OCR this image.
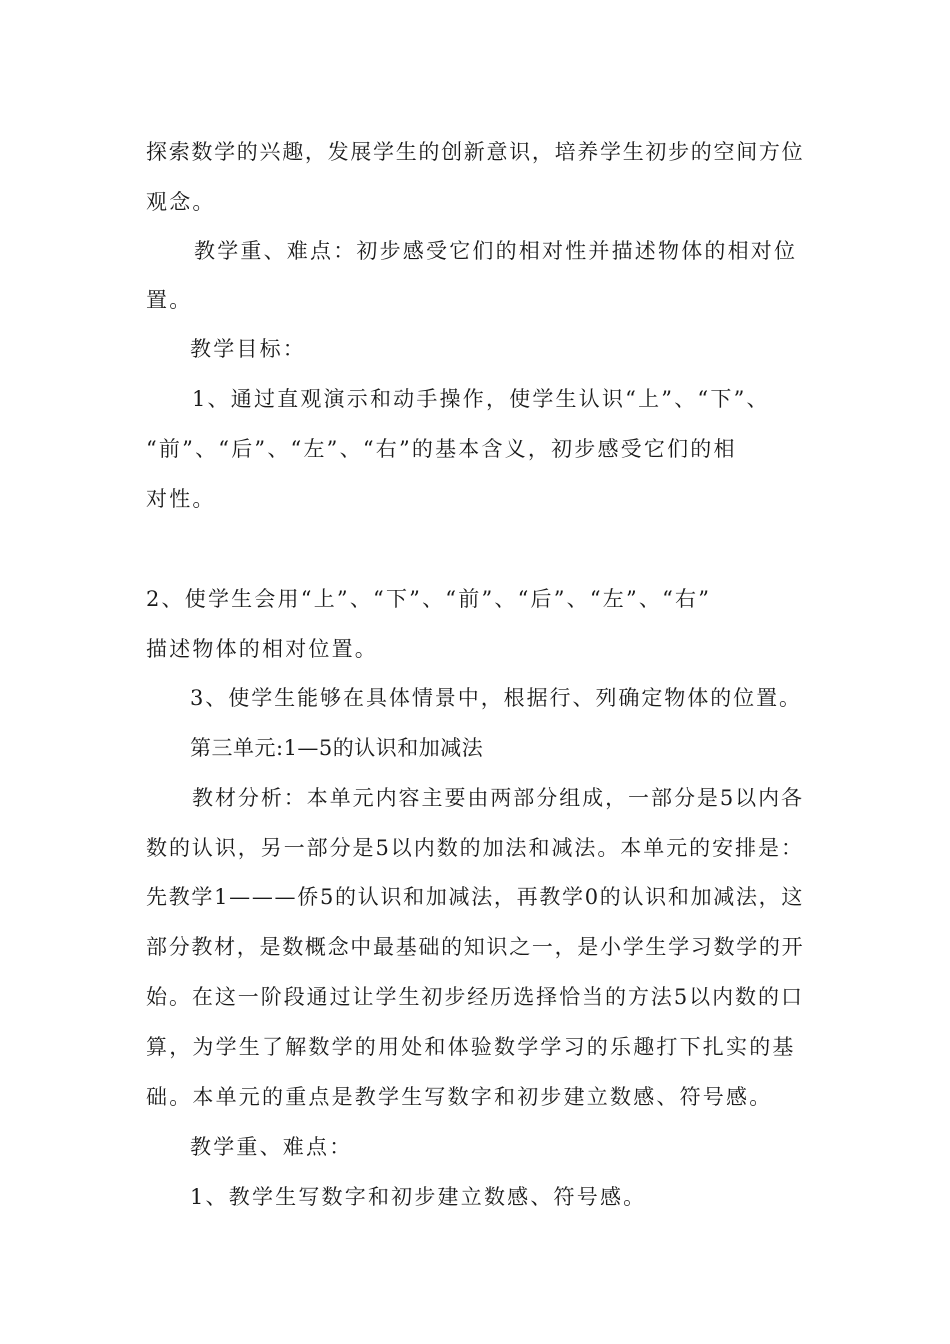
探索数学的兴趣，发展学生的创新意识，培养学生初步的空间方位
观念。
教学重、难点：初步感受它们的相对性并描述物体的相对位
置。
教学目标：
1、通过直观演示和动手操作，使学生认识“上”、“下”、
“前”、“后”、“左”、“右”的基本含义，初步感受它们的相
对性。
2、使学生会用“上”、“下”、“前”、“后”、“左”、“右”
描述物体的相对位置。
3、使学生能够在具体情景中，根据行、列确定物体的位置。
第三单元:1—5的认识和加减法
教材分析：本单元内容主要由两部分组成，一部分是5以内各
数的认识，另一部分是5以内数的加法和减法。本单元的安排是：
先教学1———侨5的认识和加减法，再教学0的认识和加减法，这
部分教材，是数概念中最基础的知识之一，是小学生学习数学的开
始。在这一阶段通过让学生初步经历选择恰当的方法5以内数的口
算，为学生了解数学的用处和体验数学学习的乐趣打下扎实的基
础。本单元的重点是教学生写数字和初步建立数感、符号感。
教学重、难点：
1、教学生写数字和初步建立数感、符号感。
